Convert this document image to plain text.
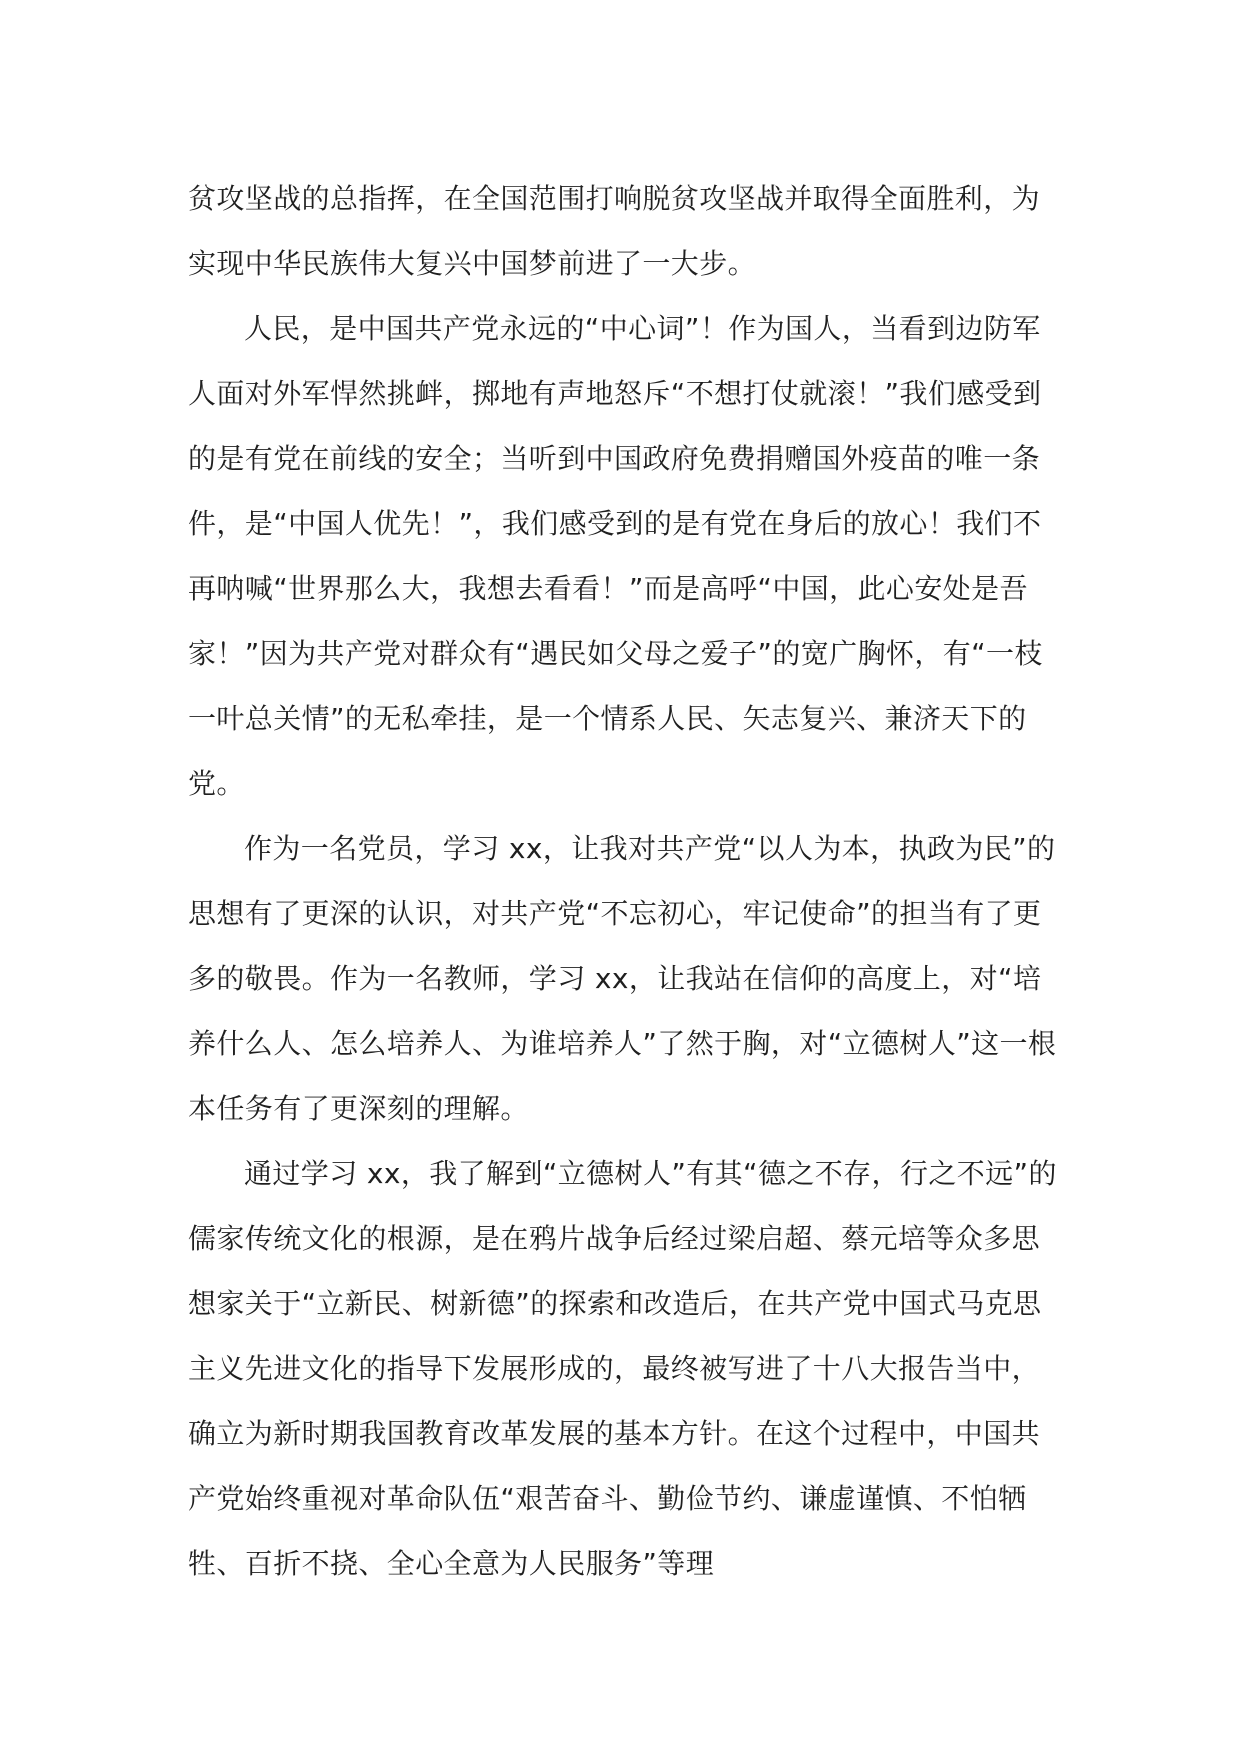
贫攻坚战的总指挥，在全国范围打响脱贫攻坚战并取得全面胜利，为实现中华民族伟大复兴中国梦前进了一大步。

人民，是中国共产党永远的“中心词”！作为国人，当看到边防军人面对外军悍然挑衅，掷地有声地怒斥“不想打仗就滚！”我们感受到的是有党在前线的安全；当听到中国政府免费捐赠国外疫苗的唯一条件，是“中国人优先！”，我们感受到的是有党在身后的放心！我们不再呐喊“世界那么大，我想去看看！”而是高呼“中国，此心安处是吾家！”因为共产党对群众有“遇民如父母之爱子”的宽广胸怀，有“一枝一叶总关情”的无私牵挂，是一个情系人民、矢志复兴、兼济天下的党。

作为一名党员，学习 xx，让我对共产党“以人为本，执政为民”的思想有了更深的认识，对共产党“不忘初心，牢记使命”的担当有了更多的敬畏。作为一名教师，学习 xx，让我站在信仰的高度上，对“培养什么人、怎么培养人、为谁培养人”了然于胸，对“立德树人”这一根本任务有了更深刻的理解。

通过学习 xx，我了解到“立德树人”有其“德之不存，行之不远”的儒家传统文化的根源，是在鸦片战争后经过梁启超、蔡元培等众多思想家关于“立新民、树新德”的探索和改造后，在共产党中国式马克思主义先进文化的指导下发展形成的，最终被写进了十八大报告当中，确立为新时期我国教育改革发展的基本方针。在这个过程中，中国共产党始终重视对革命队伍“艰苦奋斗、勤俭节约、谦虚谨慎、不怕牺牲、百折不挠、全心全意为人民服务”等理
